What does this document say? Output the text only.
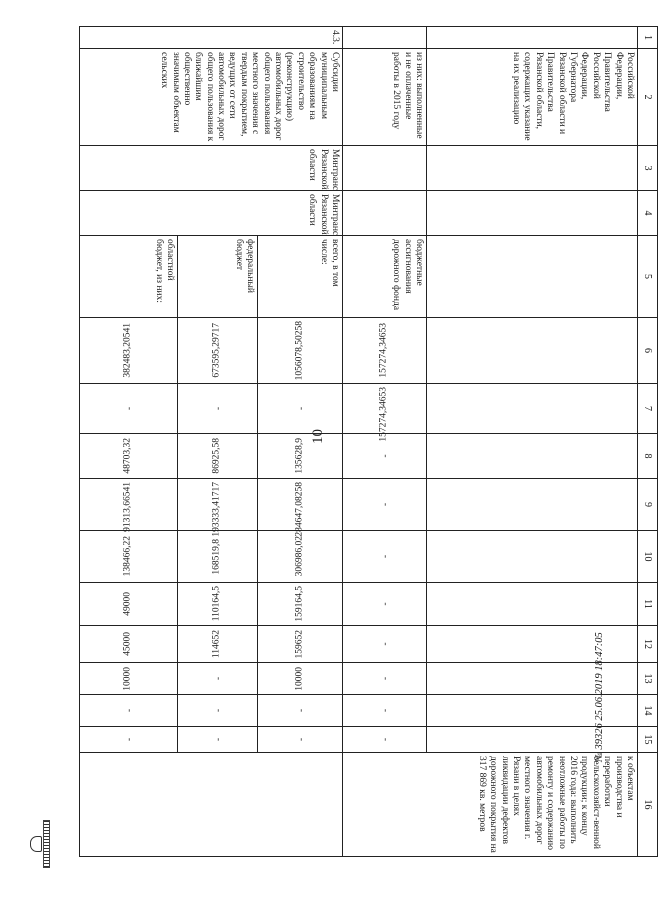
10
№ 39326 25.06.2019 18:47:05
1	2	3	4	5	6	7	8	9	10	11	12	13	14	15	16
	Российской Федерации, Правительства Российской Федерации, Губернатора Рязанской области и Правительства Рязанской области, содержащих указание на их реализацию														к объектам производства и переработки сельскохозяйст-венной продукции; к концу 2016 года: выполнить неотложные работы по ремонту и содержанию автомобильных дорог местного значения г. Рязани в целях ликвидации дефектов дорожного покрытия на 317 869 кв. метров
	из них: выполненные и не оплаченные работы в 2015 году			бюджетные ассигнования дорожного фонда	157274,34653	157274,34653	-	-	-	-	-	-	-	-	
4.3.	Субсидии муниципальным образованиям на строительство (реконструкцию) автомобильных дорог общего пользования местного значения с твердым покрытием, ведущих от сети автомобильных дорог общего пользования к ближайшим общественно значимым объектам сельских	Минтранс Рязанской области	Минтранс Рязанской области	всего, в том числе:	1056078,50258	-	135628,9	284647,08258	306986,02	159164,5	159652	10000	-	-	
				федеральный бюджет	673595,29717	-	86925,58	193333,41717	168519,8	110164,5	114652	-	-	-	
				областной бюджет, из них:	382483,20541	-	48703,32	91313,66541	138466,22	49000	45000	10000	-	-	
